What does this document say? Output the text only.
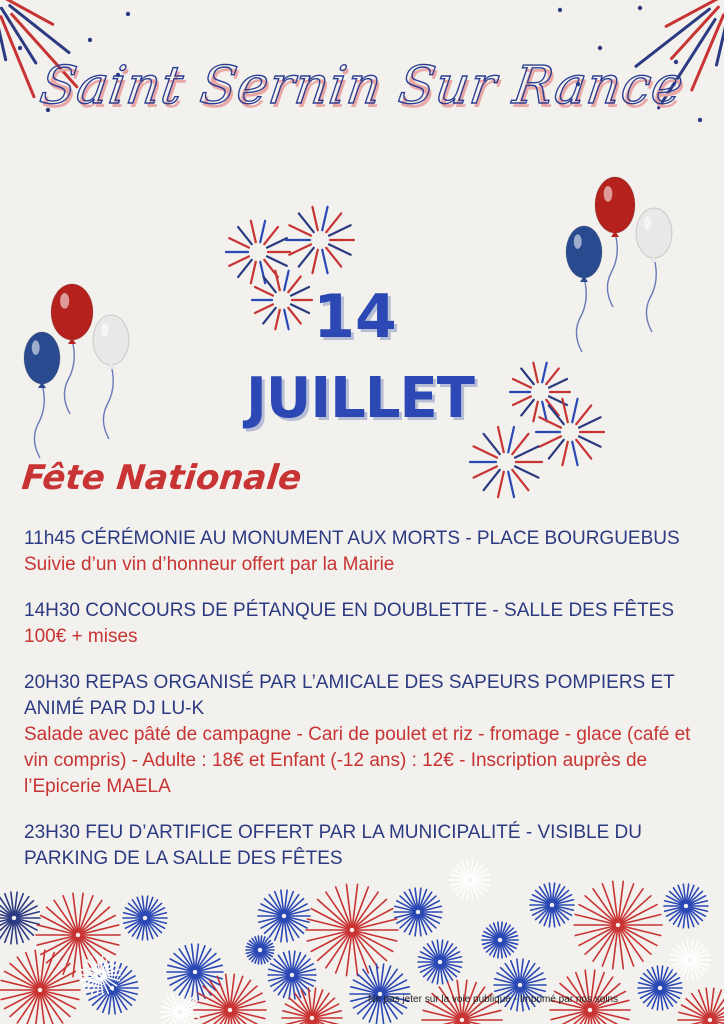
Saint Sernin Sur Rance
14
JUILLET
Fête Nationale
11h45 CÉRÉMONIE AU MONUMENT AUX MORTS - PLACE BOURGUEBUS
Suivie d’un vin d’honneur offert par la Mairie
14H30 CONCOURS DE PÉTANQUE EN DOUBLETTE - SALLE DES FÊTES
100€ + mises
20H30 REPAS ORGANISÉ PAR L’AMICALE DES SAPEURS POMPIERS ET ANIMÉ PAR DJ LU-K
Salade avec pâté de campagne - Cari de poulet et riz - fromage - glace (café et vin compris) - Adulte : 18€ et Enfant (-12 ans) : 12€ - Inscription auprès de l’Epicerie MAELA
23H30 FEU D’ARTIFICE OFFERT PAR LA MUNICIPALITÉ - VISIBLE DU PARKING DE LA SALLE DES FÊTES
Ne pas jeter sur la voie publique - Imprimé par nos soins
